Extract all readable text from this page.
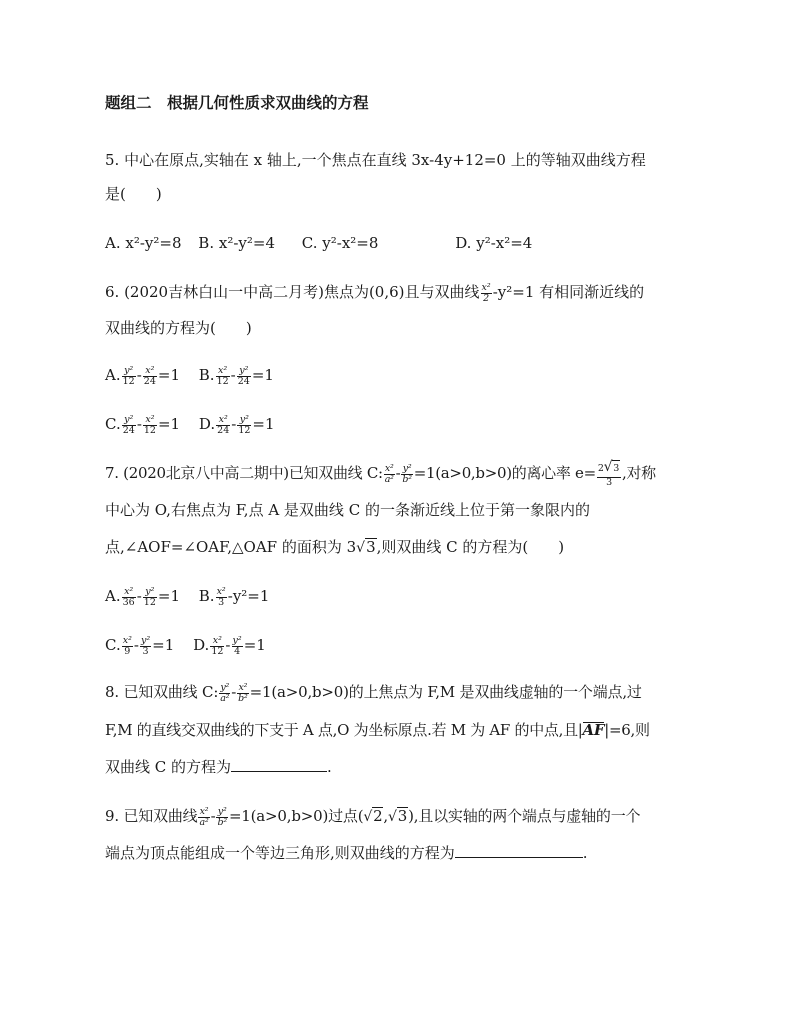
题组二　根据几何性质求双曲线的方程
5. 中心在原点,实轴在 x 轴上,一个焦点在直线 3x-4y+12=0 上的等轴双曲线方程
是(　　)
A. x²-y²=8 B. x²-y²=4 C. y²-x²=8	D. y²-x²=4
6. (2020吉林白山一中高二月考)焦点为(0,6)且与双曲线 $\frac{\text{x²}}{2} -y^2=1$ 有相同渐近线的
双曲线的方程为(　　)
A. $\frac{\text{y²}}{12} - \frac{\text{x²}}{24} =1$ B. $\frac{\text{x²}}{12} - \frac{\text{y²}}{24} =1$
C. $\frac{\text{y²}}{24} - \frac{\text{x²}}{12} =1$ D. $\frac{\text{x²}}{24} - \frac{\text{y²}}{12} =1$
7. (2020北京八中高二期中)已知双曲线 C: $\frac{\text{x²}}{\text{a²}} - \frac{\text{y²}}{\text{b²}} =1(a>0,b>0)$的离心率 $e= \frac{2√3}{3}$ ,对称
中心为 O,右焦点为 F,点 A 是双曲线 C 的一条渐近线上位于第一象限内的
点,∠AOF=∠OAF,△OAF 的面积为 3√3,则双曲线 C 的方程为(　　)
A. $\frac{\text{x²}}{36} - \frac{\text{y²}}{12} =1$ B. $\frac{\text{x²}}{3} -y^2=1$
C. $\frac{\text{x²}}{9} - \frac{\text{y²}}{3} =1$ D. $\frac{\text{x²}}{12} - \frac{\text{y²}}{4} =1$
8. 已知双曲线 C: $\frac{\text{y²}}{\text{a²}} - \frac{\text{x²}}{\text{b²}} =1(a>0,b>0)$的上焦点为 F,M 是双曲线虚轴的一个端点,过
F,M 的直线交双曲线的下支于 A 点,O 为坐标原点.若 M 为 AF 的中点,且|AF|=6,则
双曲线 C 的方程为	.
9. 已知双曲线 $\frac{\text{x²}}{\text{a²}} - \frac{\text{y²}}{\text{b²}} =1(a>0,b>0)$过点(√2,√3),且以实轴的两个端点与虚轴的一个
端点为顶点能组成一个等边三角形,则双曲线的方程为	.
